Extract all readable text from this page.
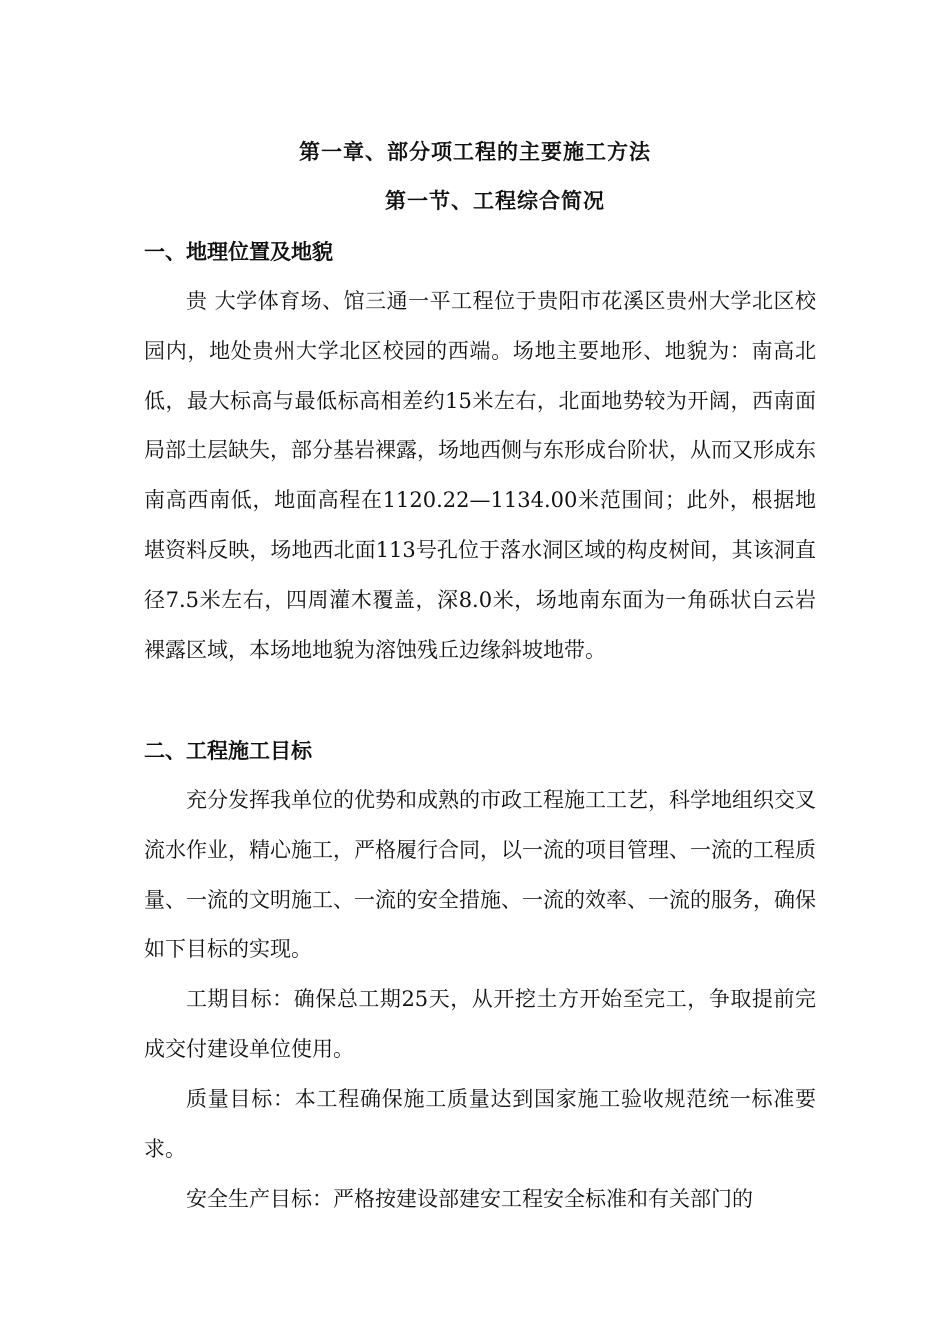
第一章、部分项工程的主要施工方法
第一节、工程综合简况
一、地理位置及地貌

贵 大学体育场、馆三通一平工程位于贵阳市花溪区贵州大学北区校园内，地处贵州大学北区校园的西端。场地主要地形、地貌为：南高北低，最大标高与最低标高相差约15米左右，北面地势较为开阔，西南面局部土层缺失，部分基岩裸露，场地西侧与东形成台阶状，从而又形成东南高西南低，地面高程在1120.22—1134.00米范围间；此外，根据地堪资料反映，场地西北面113号孔位于落水洞区域的构皮树间，其该洞直径7.5米左右，四周灌木覆盖，深8.0米，场地南东面为一角砾状白云岩裸露区域，本场地地貌为溶蚀残丘边缘斜坡地带。

二、工程施工目标

充分发挥我单位的优势和成熟的市政工程施工工艺，科学地组织交叉流水作业，精心施工，严格履行合同，以一流的项目管理、一流的工程质量、一流的文明施工、一流的安全措施、一流的效率、一流的服务，确保如下目标的实现。

工期目标：确保总工期25天，从开挖土方开始至完工，争取提前完成交付建设单位使用。

质量目标：本工程确保施工质量达到国家施工验收规范统一标准要求。

安全生产目标：严格按建设部建安工程安全标准和有关部门的
